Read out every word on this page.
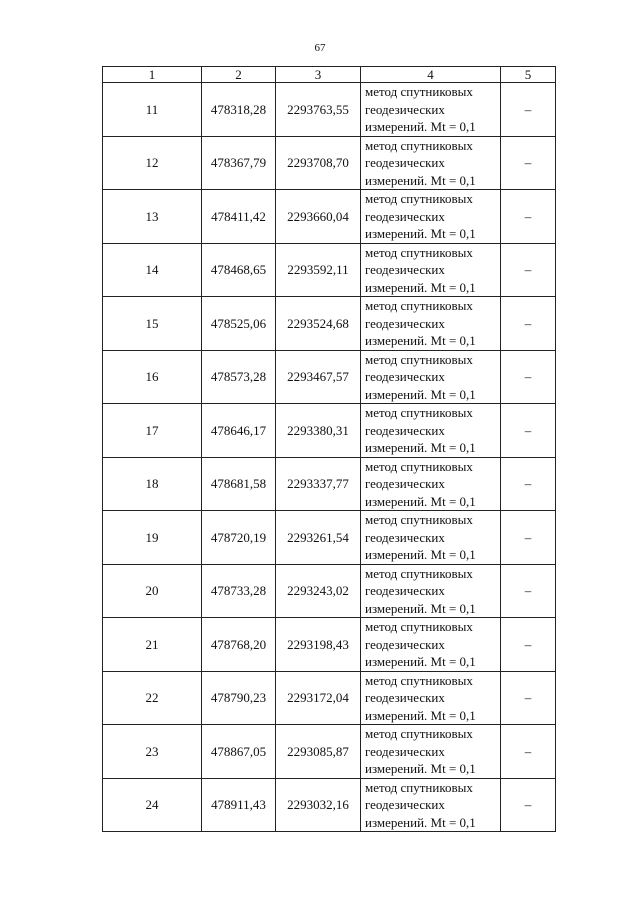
67
1	2	3	4	5
11	478318,28	2293763,55	метод спутниковых
геодезических
измерений. Mt = 0,1	–
12	478367,79	2293708,70	метод спутниковых
геодезических
измерений. Mt = 0,1	–
13	478411,42	2293660,04	метод спутниковых
геодезических
измерений. Mt = 0,1	–
14	478468,65	2293592,11	метод спутниковых
геодезических
измерений. Mt = 0,1	–
15	478525,06	2293524,68	метод спутниковых
геодезических
измерений. Mt = 0,1	–
16	478573,28	2293467,57	метод спутниковых
геодезических
измерений. Mt = 0,1	–
17	478646,17	2293380,31	метод спутниковых
геодезических
измерений. Mt = 0,1	–
18	478681,58	2293337,77	метод спутниковых
геодезических
измерений. Mt = 0,1	–
19	478720,19	2293261,54	метод спутниковых
геодезических
измерений. Mt = 0,1	–
20	478733,28	2293243,02	метод спутниковых
геодезических
измерений. Mt = 0,1	–
21	478768,20	2293198,43	метод спутниковых
геодезических
измерений. Mt = 0,1	–
22	478790,23	2293172,04	метод спутниковых
геодезических
измерений. Mt = 0,1	–
23	478867,05	2293085,87	метод спутниковых
геодезических
измерений. Mt = 0,1	–
24	478911,43	2293032,16	метод спутниковых
геодезических
измерений. Mt = 0,1	–
